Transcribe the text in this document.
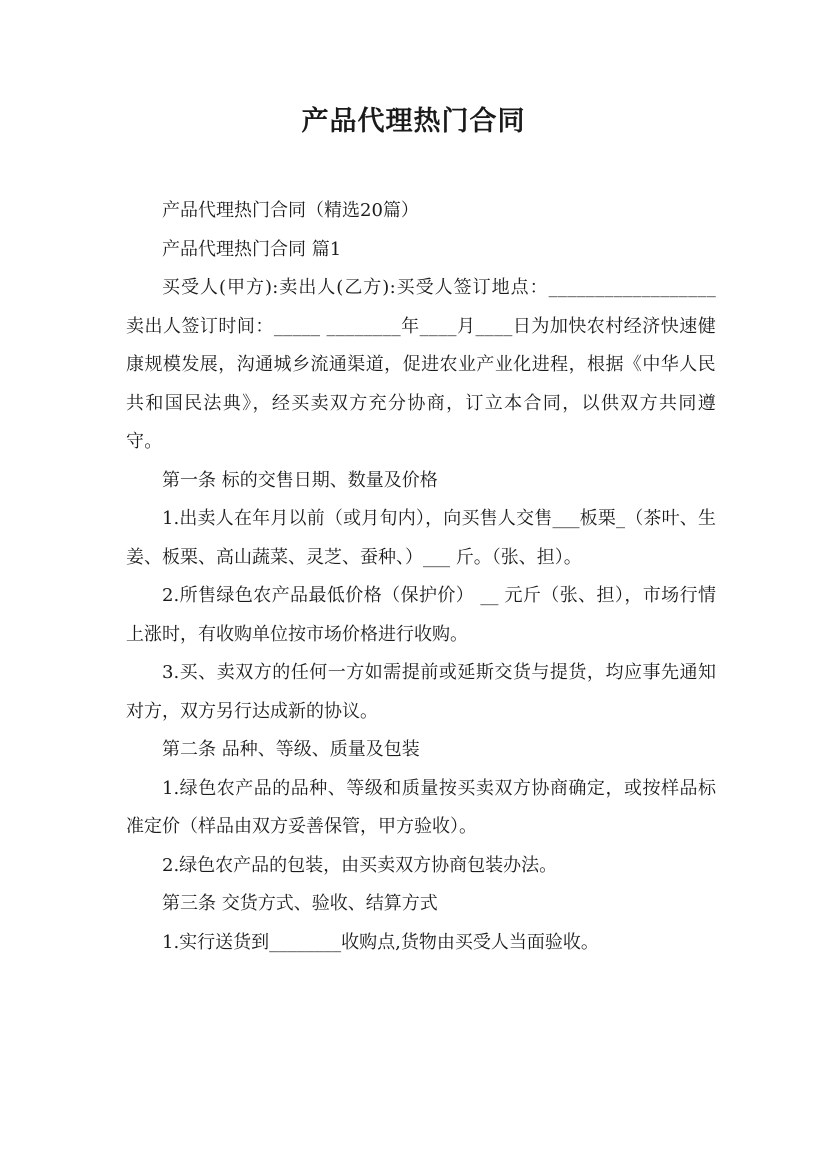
产品代理热门合同

产品代理热门合同（精选20篇）

产品代理热门合同 篇1

买受人(甲方):卖出人(乙方):买受人签订地点：__________________卖出人签订时间：_____ ________年____月____日为加快农村经济快速健康规模发展，沟通城乡流通渠道，促进农业产业化进程，根据《中华人民共和国民法典》，经买卖双方充分协商，订立本合同，以供双方共同遵守。

第一条 标的交售日期、数量及价格

1.出卖人在年月以前（或月旬内），向买售人交售___板栗_（茶叶、生姜、板栗、高山蔬菜、灵芝、蚕种、）___ 斤。（张、担）。

2.所售绿色农产品最低价格（保护价） __ 元斤（张、担），市场行情上涨时，有收购单位按市场价格进行收购。

3.买、卖双方的任何一方如需提前或延斯交货与提货，均应事先通知对方，双方另行达成新的协议。

第二条 品种、等级、质量及包装

1.绿色农产品的品种、等级和质量按买卖双方协商确定，或按样品标准定价（样品由双方妥善保管，甲方验收）。

2.绿色农产品的包装，由买卖双方协商包装办法。

第三条 交货方式、验收、结算方式

1.实行送货到________收购点,货物由买受人当面验收。
